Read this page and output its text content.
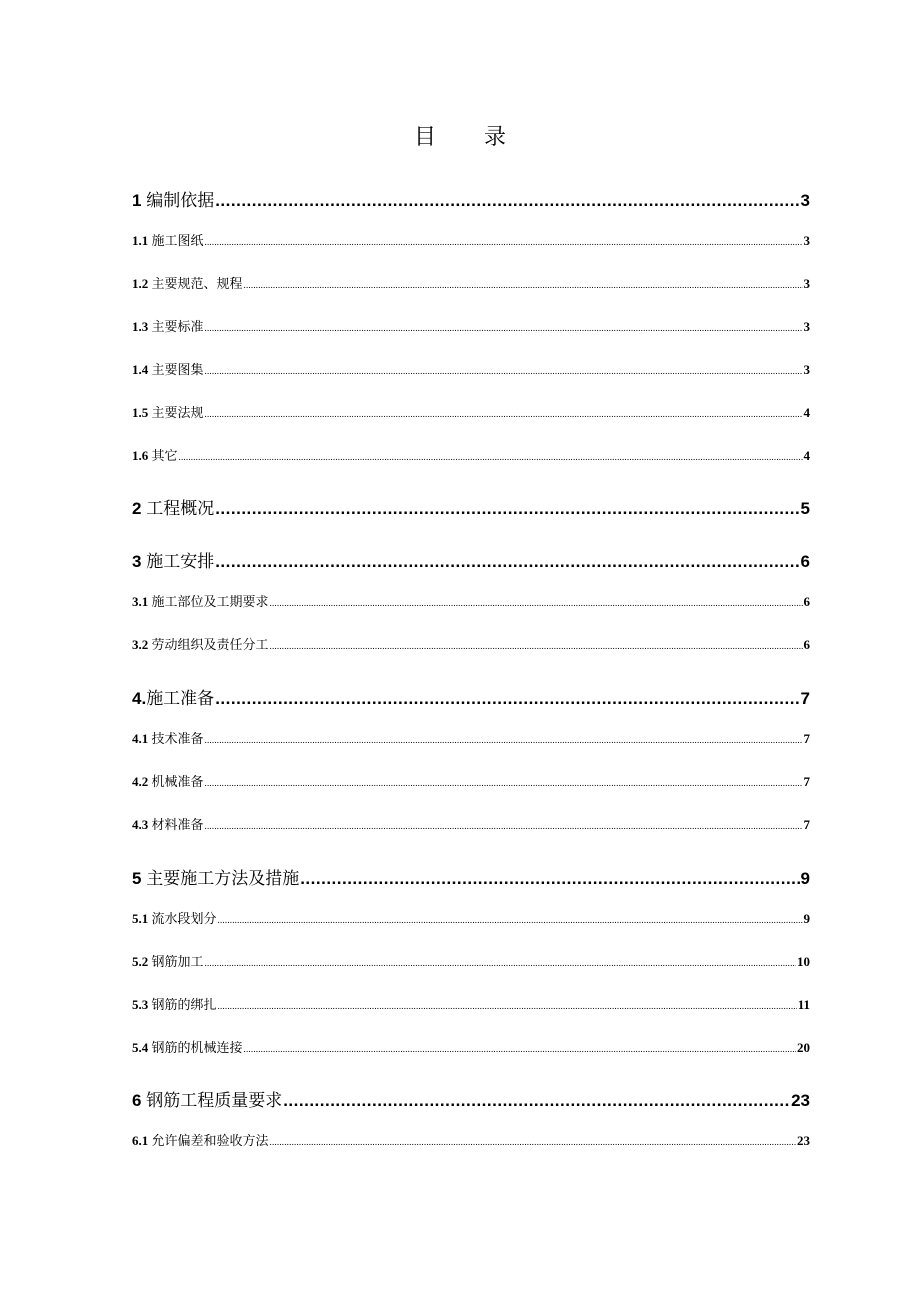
目 录
1 编制依据 .....	3
1.1 施工图纸 .....	3
1.2 主要规范、规程 .....	3
1.3 主要标准 .....	3
1.4 主要图集 .....	3
1.5 主要法规 .....	4
1.6 其它 .....	4
2 工程概况 .....	5
3 施工安排 .....	6
3.1 施工部位及工期要求 .....	6
3.2 劳动组织及责任分工 .....	6
4.施工准备 .....	7
4.1 技术准备 .....	7
4.2 机械准备 .....	7
4.3 材料准备 .....	7
5 主要施工方法及措施 .....	9
5.1 流水段划分 .....	9
5.2 钢筋加工 .....	10
5.3 钢筋的绑扎 .....	11
5.4 钢筋的机械连接 .....	20
6 钢筋工程质量要求 .....	23
6.1 允许偏差和验收方法 .....	23
